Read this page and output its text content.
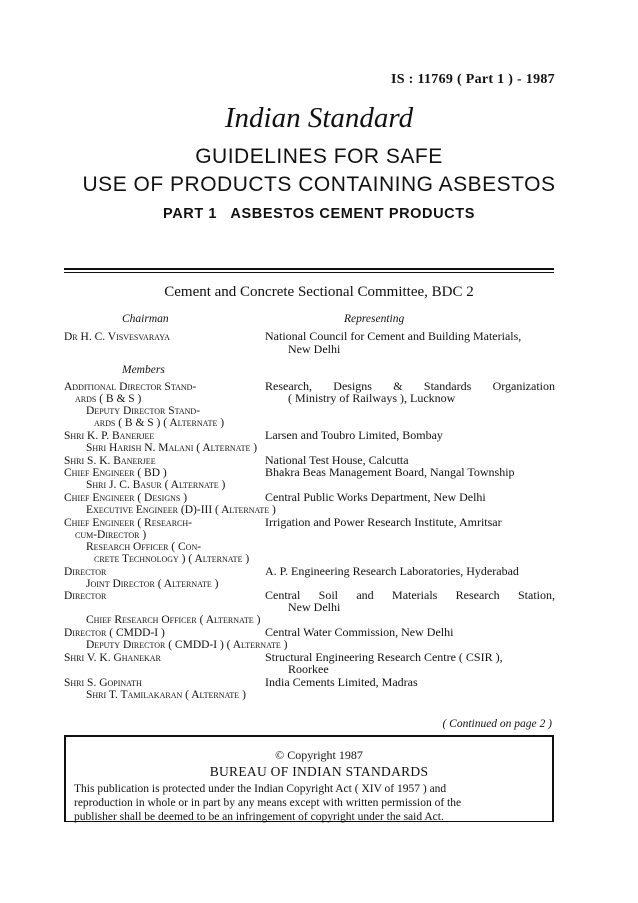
IS : 11769 ( Part 1 ) - 1987
Indian Standard
GUIDELINES FOR SAFE
USE OF PRODUCTS CONTAINING ASBESTOS
PART 1   ASBESTOS CEMENT PRODUCTS
Cement and Concrete Sectional Committee, BDC 2
Chairman	Representing
Dr H. C. Visvesvaraya	National Council for Cement and Building Materials,
New Delhi
Members
Additional Director Stand-	Research, Designs & Standards Organization
ards ( B & S )	( Ministry of Railways ), Lucknow
Deputy Director Stand-
ards ( B & S ) ( Alternate )
Shri K. P. Banerjee	Larsen and Toubro Limited, Bombay
Shri Harish N. Malani ( Alternate )
Shri S. K. Banerjee	National Test House, Calcutta
Chief Engineer ( BD )	Bhakra Beas Management Board, Nangal Township
Shri J. C. Basur ( Alternate )
Chief Engineer ( Designs )	Central Public Works Department, New Delhi
Executive Engineer (D)-III ( Alternate )
Chief Engineer ( Research-	Irrigation and Power Research Institute, Amritsar
cum-Director )
Research Officer ( Con-
crete Technology ) ( Alternate )
Director	A. P. Engineering Research Laboratories, Hyderabad
Joint Director ( Alternate )
Director	Central Soil and Materials Research Station,
New Delhi
Chief Research Officer ( Alternate )
Director ( CMDD-I )	Central Water Commission, New Delhi
Deputy Director ( CMDD-I ) ( Alternate )
Shri V. K. Ghanekar	Structural Engineering Research Centre ( CSIR ),
Roorkee
Shri S. Gopinath	India Cements Limited, Madras
Shri T. Tamilakaran ( Alternate )
( Continued on page 2 )
© Copyright 1987
BUREAU OF INDIAN STANDARDS
This publication is protected under the Indian Copyright Act ( XIV of 1957 ) and
reproduction in whole or in part by any means except with written permission of the
publisher shall be deemed to be an infringement of copyright under the said Act.
